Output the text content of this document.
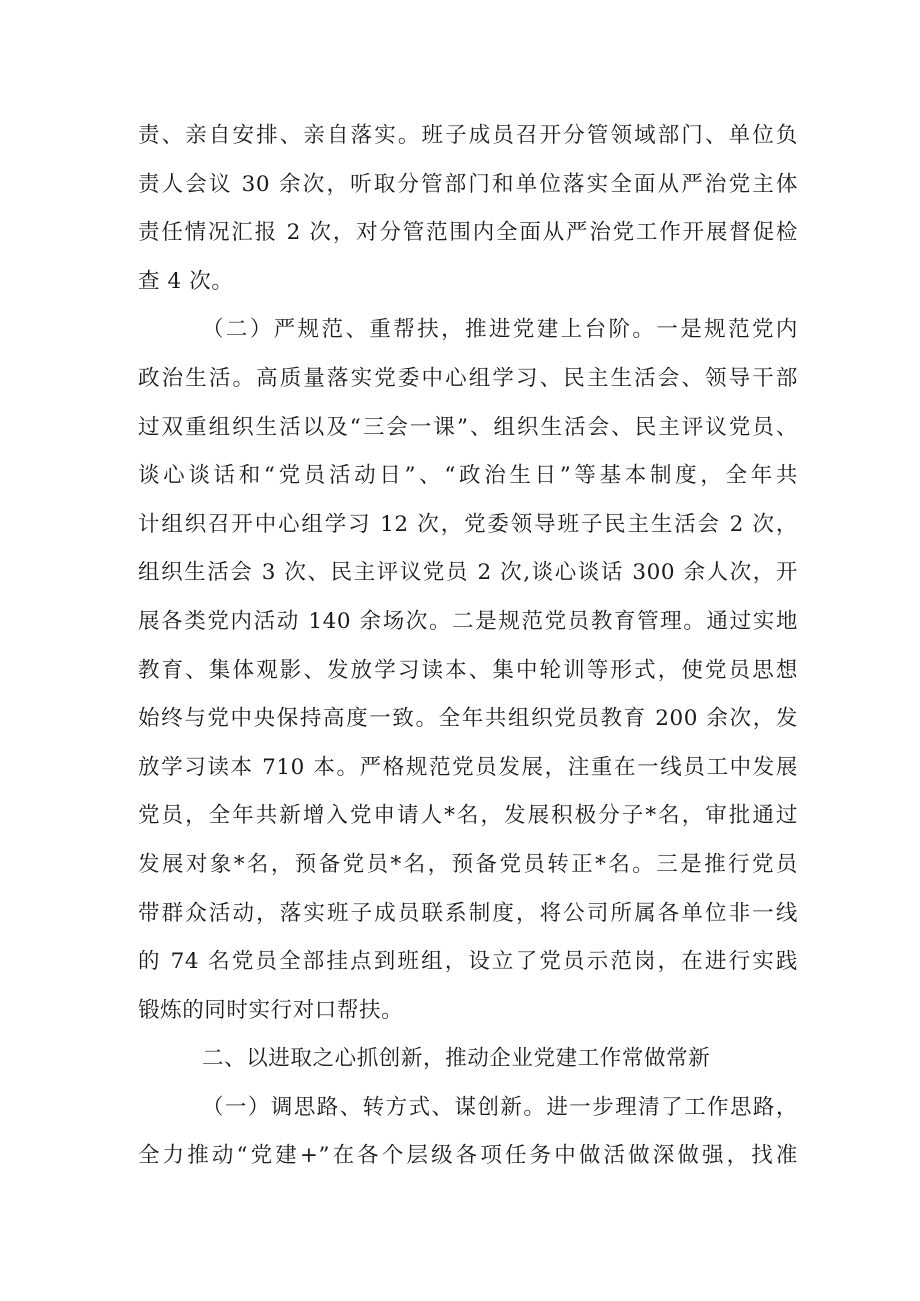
责、亲自安排、亲自落实。班子成员召开分管领域部门、单位负
责人会议 30 余次，听取分管部门和单位落实全面从严治党主体
责任情况汇报 2 次，对分管范围内全面从严治党工作开展督促检
查 4 次。
（二）严规范、重帮扶，推进党建上台阶。一是规范党内
政治生活。高质量落实党委中心组学习、民主生活会、领导干部
过双重组织生活以及“三会一课”、组织生活会、民主评议党员、
谈心谈话和“党员活动日”、“政治生日”等基本制度，全年共
计组织召开中心组学习 12 次，党委领导班子民主生活会 2 次，
组织生活会 3 次、民主评议党员 2 次,谈心谈话 300 余人次，开
展各类党内活动 140 余场次。二是规范党员教育管理。通过实地
教育、集体观影、发放学习读本、集中轮训等形式，使党员思想
始终与党中央保持高度一致。全年共组织党员教育 200 余次，发
放学习读本 710 本。严格规范党员发展，注重在一线员工中发展
党员，全年共新增入党申请人*名，发展积极分子*名，审批通过
发展对象*名，预备党员*名，预备党员转正*名。三是推行党员
带群众活动，落实班子成员联系制度，将公司所属各单位非一线
的 74 名党员全部挂点到班组，设立了党员示范岗，在进行实践
锻炼的同时实行对口帮扶。
二、以进取之心抓创新，推动企业党建工作常做常新
（一）调思路、转方式、谋创新。进一步理清了工作思路，
全力推动“党建+”在各个层级各项任务中做活做深做强，找准
